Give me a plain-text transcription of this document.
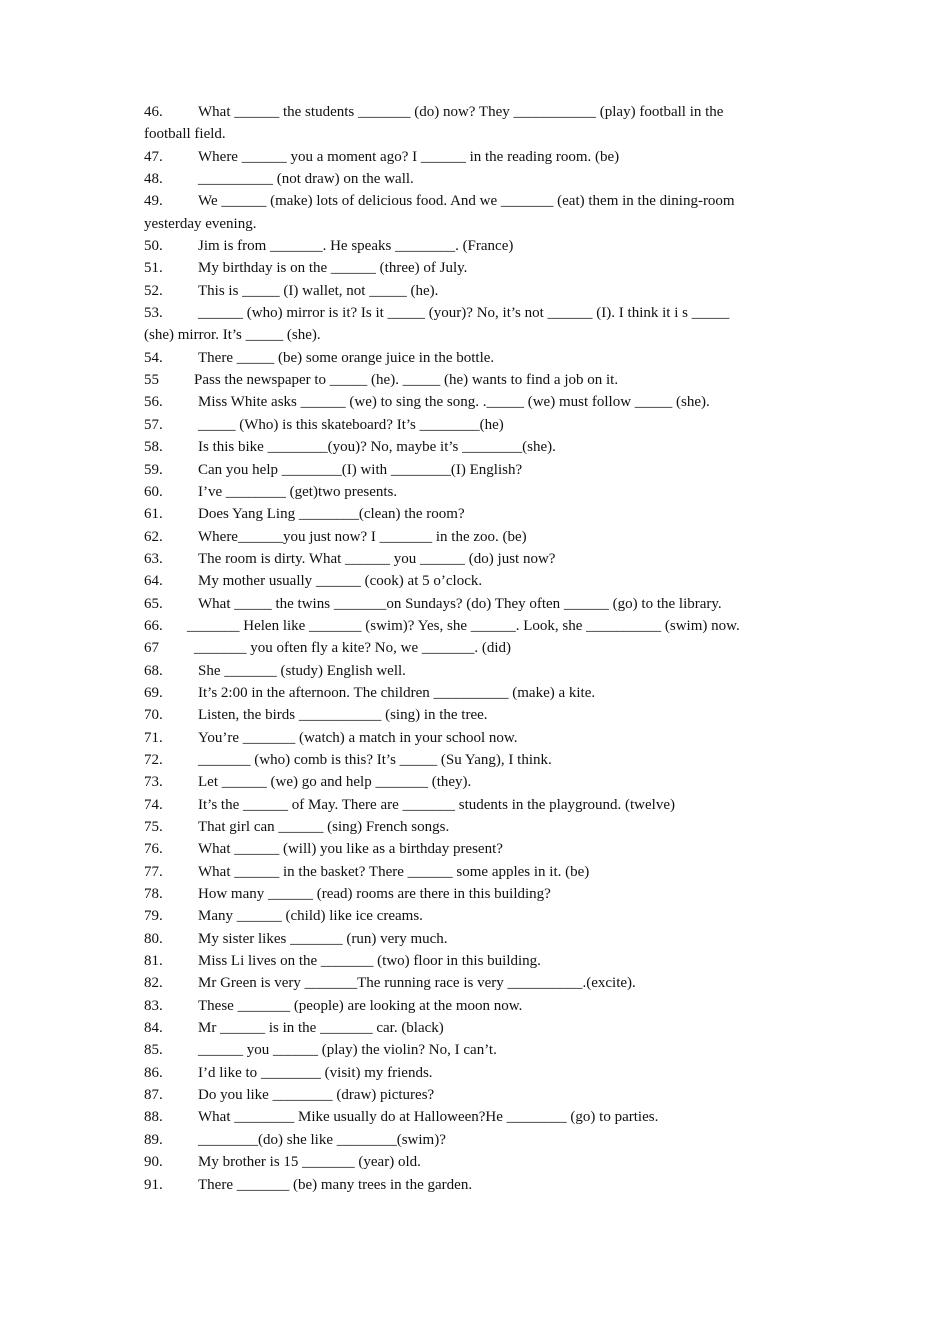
46. What ______ the students _______ (do) now? They ___________ (play) football in the
football field.
47. Where ______ you a moment ago? I ______ in the reading room. (be)
48. __________ (not draw) on the wall.
49. We ______ (make) lots of delicious food. And we _______ (eat) them in the dining-room
yesterday evening.
50. Jim is from _______. He speaks ________. (France)
51. My birthday is on the ______ (three) of July.
52. This is _____ (I) wallet, not _____ (he).
53. ______ (who) mirror is it? Is it _____ (your)? No, it’s not ______ (I). I think it i s _____
(she) mirror. It’s _____ (she).
54. There _____ (be) some orange juice in the bottle.
55 Pass the newspaper to _____ (he). _____ (he) wants to find a job on it.
56. Miss White asks ______ (we) to sing the song. ._____ (we) must follow _____ (she).
57. _____ (Who) is this skateboard? It’s ________(he)
58. Is this bike ________(you)? No, maybe it’s ________(she).
59. Can you help ________(I) with ________(I) English?
60. I’ve ________ (get)two presents.
61. Does Yang Ling ________(clean) the room?
62. Where______you just now? I _______ in the zoo. (be)
63. The room is dirty. What ______ you ______ (do) just now?
64. My mother usually ______ (cook) at 5 o’clock.
65. What _____ the twins _______on Sundays? (do) They often ______ (go) to the library.
66. _______ Helen like _______ (swim)? Yes, she ______. Look, she __________ (swim) now.
67 _______ you often fly a kite? No, we _______. (did)
68. She _______ (study) English well.
69. It’s 2:00 in the afternoon. The children __________ (make) a kite.
70. Listen, the birds ___________ (sing) in the tree.
71. You’re _______ (watch) a match in your school now.
72. _______ (who) comb is this? It’s _____ (Su Yang), I think.
73. Let ______ (we) go and help _______ (they).
74. It’s the ______ of May. There are _______ students in the playground. (twelve)
75. That girl can ______ (sing) French songs.
76. What ______ (will) you like as a birthday present?
77. What ______ in the basket? There ______ some apples in it. (be)
78. How many ______ (read) rooms are there in this building?
79. Many ______ (child) like ice creams.
80. My sister likes _______ (run) very much.
81. Miss Li lives on the _______ (two) floor in this building.
82. Mr Green is very _______The running race is very __________.(excite).
83. These _______ (people) are looking at the moon now.
84. Mr ______ is in the _______ car. (black)
85. ______ you ______ (play) the violin? No, I can’t.
86. I’d like to ________ (visit) my friends.
87. Do you like ________ (draw) pictures?
88. What ________ Mike usually do at Halloween?He ________ (go) to parties.
89. ________(do) she like ________(swim)?
90. My brother is 15 _______ (year) old.
91. There _______ (be) many trees in the garden.
